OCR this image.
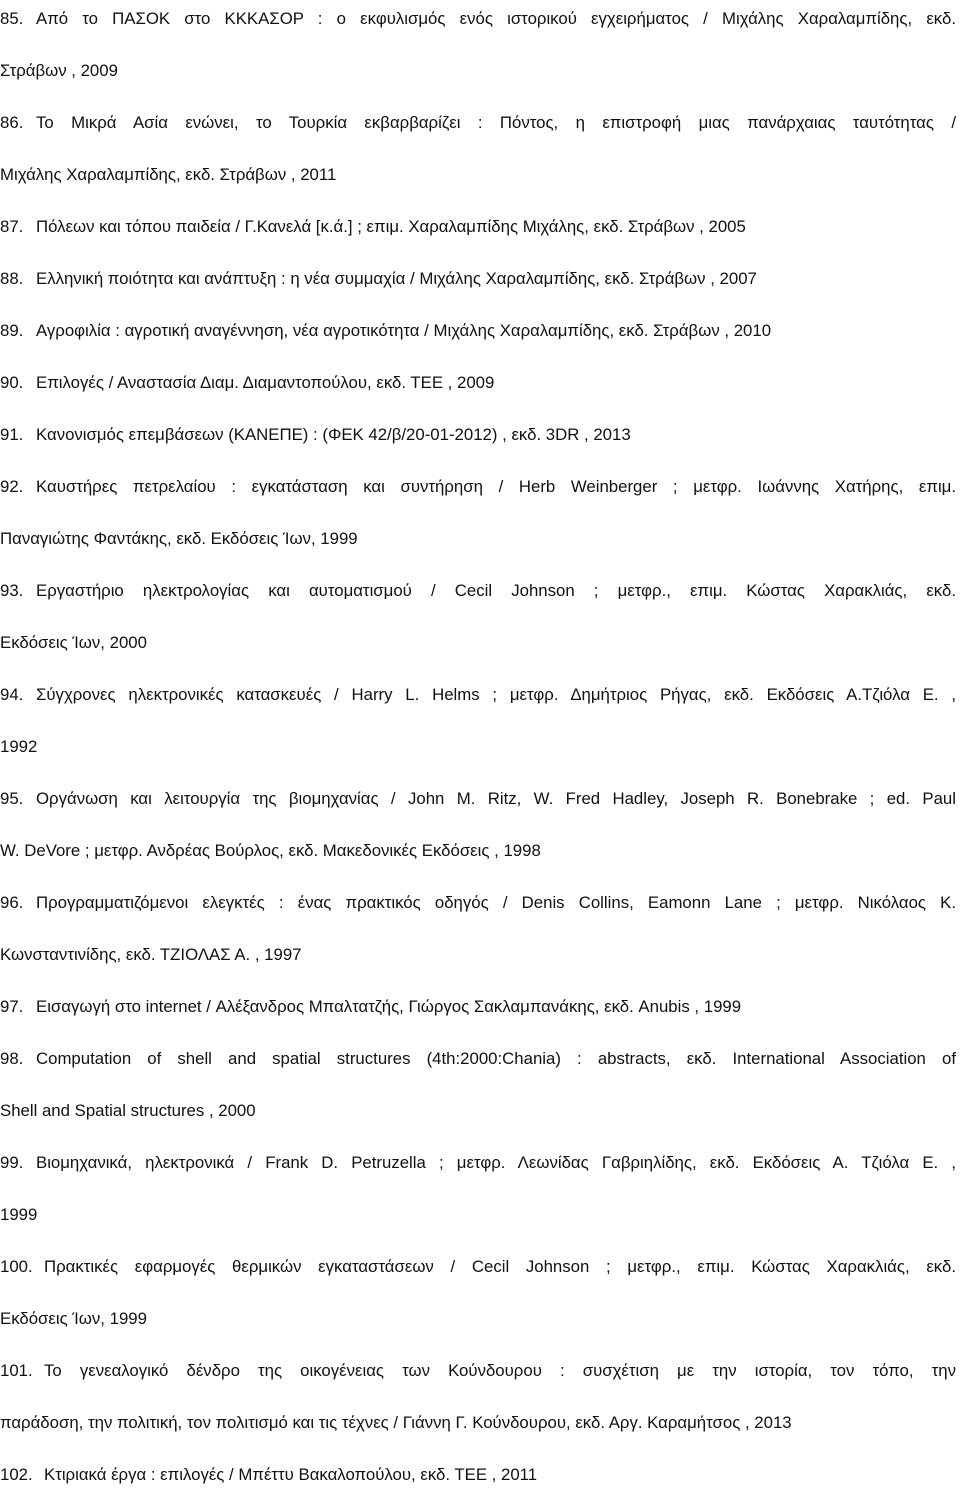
85. Από το ΠΑΣΟΚ στο ΚΚΚΑΣΟΡ : ο εκφυλισμός ενός ιστορικού εγχειρήματος / Μιχάλης Χαραλαμπίδης, εκδ.
Στράβων , 2009
86. Το Μικρά Ασία ενώνει, το Τουρκία εκβαρβαρίζει : Πόντος, η επιστροφή μιας πανάρχαιας ταυτότητας /
Μιχάλης Χαραλαμπίδης, εκδ. Στράβων , 2011
87. Πόλεων και τόπου παιδεία / Γ.Κανελά [κ.ά.] ; επιμ. Χαραλαμπίδης Μιχάλης, εκδ. Στράβων , 2005
88. Ελληνική ποιότητα και ανάπτυξη : η νέα συμμαχία / Μιχάλης Χαραλαμπίδης, εκδ. Στράβων , 2007
89. Αγροφιλία : αγροτική αναγέννηση, νέα αγροτικότητα / Μιχάλης Χαραλαμπίδης, εκδ. Στράβων , 2010
90. Επιλογές / Αναστασία Διαμ. Διαμαντοπούλου, εκδ. ΤΕΕ , 2009
91. Κανονισμός επεμβάσεων (ΚΑΝΕΠΕ) : (ΦΕΚ 42/β/20-01-2012) , εκδ. 3DR , 2013
92. Καυστήρες πετρελαίου : εγκατάσταση και συντήρηση / Herb Weinberger ; μετφρ. Ιωάννης Χατήρης, επιμ.
Παναγιώτης Φαντάκης, εκδ. Εκδόσεις Ίων, 1999
93. Εργαστήριο ηλεκτρολογίας και αυτοματισμού / Cecil Johnson ; μετφρ., επιμ. Κώστας Χαρακλιάς, εκδ.
Εκδόσεις Ίων, 2000
94. Σύγχρονες ηλεκτρονικές κατασκευές / Harry L. Helms ; μετφρ. Δημήτριος Ρήγας, εκδ. Εκδόσεις Α.Τζιόλα Ε. ,
1992
95. Οργάνωση και λειτουργία της βιομηχανίας / John M. Ritz, W. Fred Hadley, Joseph R. Bonebrake ; ed. Paul
W. DeVore ; μετφρ. Ανδρέας Βούρλος, εκδ. Μακεδονικές Εκδόσεις , 1998
96. Προγραμματιζόμενοι ελεγκτές : ένας πρακτικός οδηγός / Denis Collins, Eamonn Lane ; μετφρ. Νικόλαος Κ.
Κωνσταντινίδης, εκδ. ΤΖΙΟΛΑΣ Α. , 1997
97. Εισαγωγή στο internet / Αλέξανδρος Μπαλτατζής, Γιώργος Σακλαμπανάκης, εκδ. Anubis , 1999
98. Computation of shell and spatial structures (4th:2000:Chania) : abstracts, εκδ. International Association of
Shell and Spatial structures , 2000
99. Βιομηχανικά, ηλεκτρονικά / Frank D. Petruzella ; μετφρ. Λεωνίδας Γαβριηλίδης, εκδ. Εκδόσεις Α. Τζιόλα Ε. ,
1999
100. Πρακτικές εφαρμογές θερμικών εγκαταστάσεων / Cecil Johnson ; μετφρ., επιμ. Κώστας Χαρακλιάς, εκδ.
Εκδόσεις Ίων, 1999
101. Το γενεαλογικό δένδρο της οικογένειας των Κούνδουρου : συσχέτιση με την ιστορία, τον τόπο, την
παράδοση, την πολιτική, τον πολιτισμό και τις τέχνες / Γιάννη Γ. Κούνδουρου, εκδ. Αργ. Καραμήτσος , 2013
102. Κτιριακά έργα : επιλογές / Μπέττυ Βακαλοπούλου, εκδ. ΤΕΕ , 2011
